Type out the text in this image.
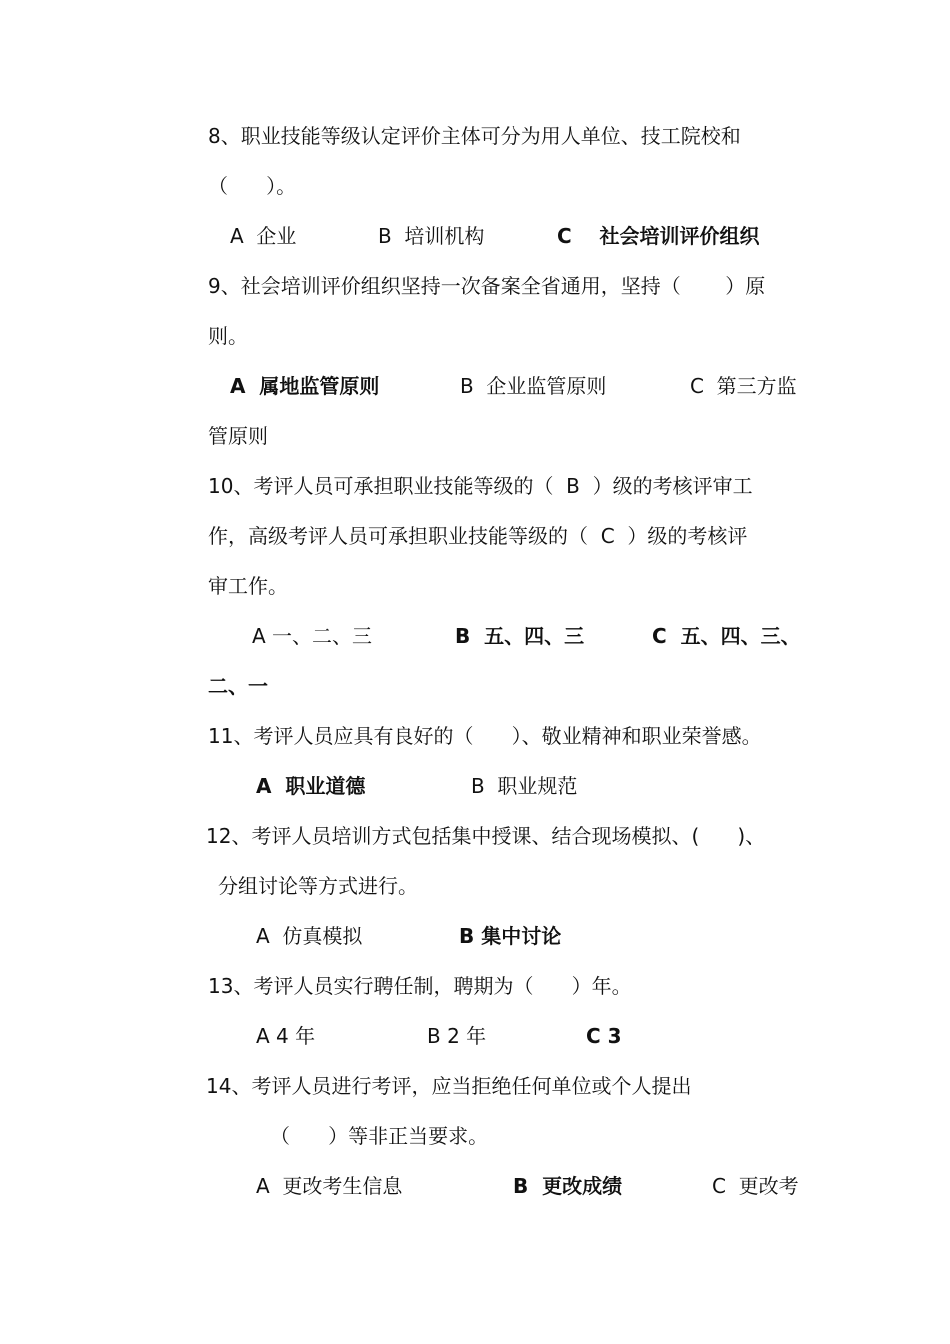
8、职业技能等级认定评价主体可分为用人单位、技工院校和

（      ）。

A  企业

	B  培训机构

	C    社会培训评价组织

9、社会培训评价组织坚持一次备案全省通用，坚持（       ）原

则。

A  属地监管原则

	B  企业监管原则

	C  第三方监

管原则

10、考评人员可承担职业技能等级的（  B  ）级的考核评审工

作，高级考评人员可承担职业技能等级的（  C  ）级的考核评

审工作。

A 一、二、三

	B  五、四、三

	C  五、四、三、

二、一

11、考评人员应具有良好的（      ）、敬业精神和职业荣誉感。

A  职业道德

	B  职业规范

12、考评人员培训方式包括集中授课、结合现场模拟、(      )、

分组讨论等方式进行。

A  仿真模拟

	B 集中讨论

13、考评人员实行聘任制，聘期为（      ）年。

A 4 年

	B 2 年

	C 3

14、考评人员进行考评，应当拒绝任何单位或个人提出

（      ）等非正当要求。

A  更改考生信息

	B  更改成绩

	C  更改考
